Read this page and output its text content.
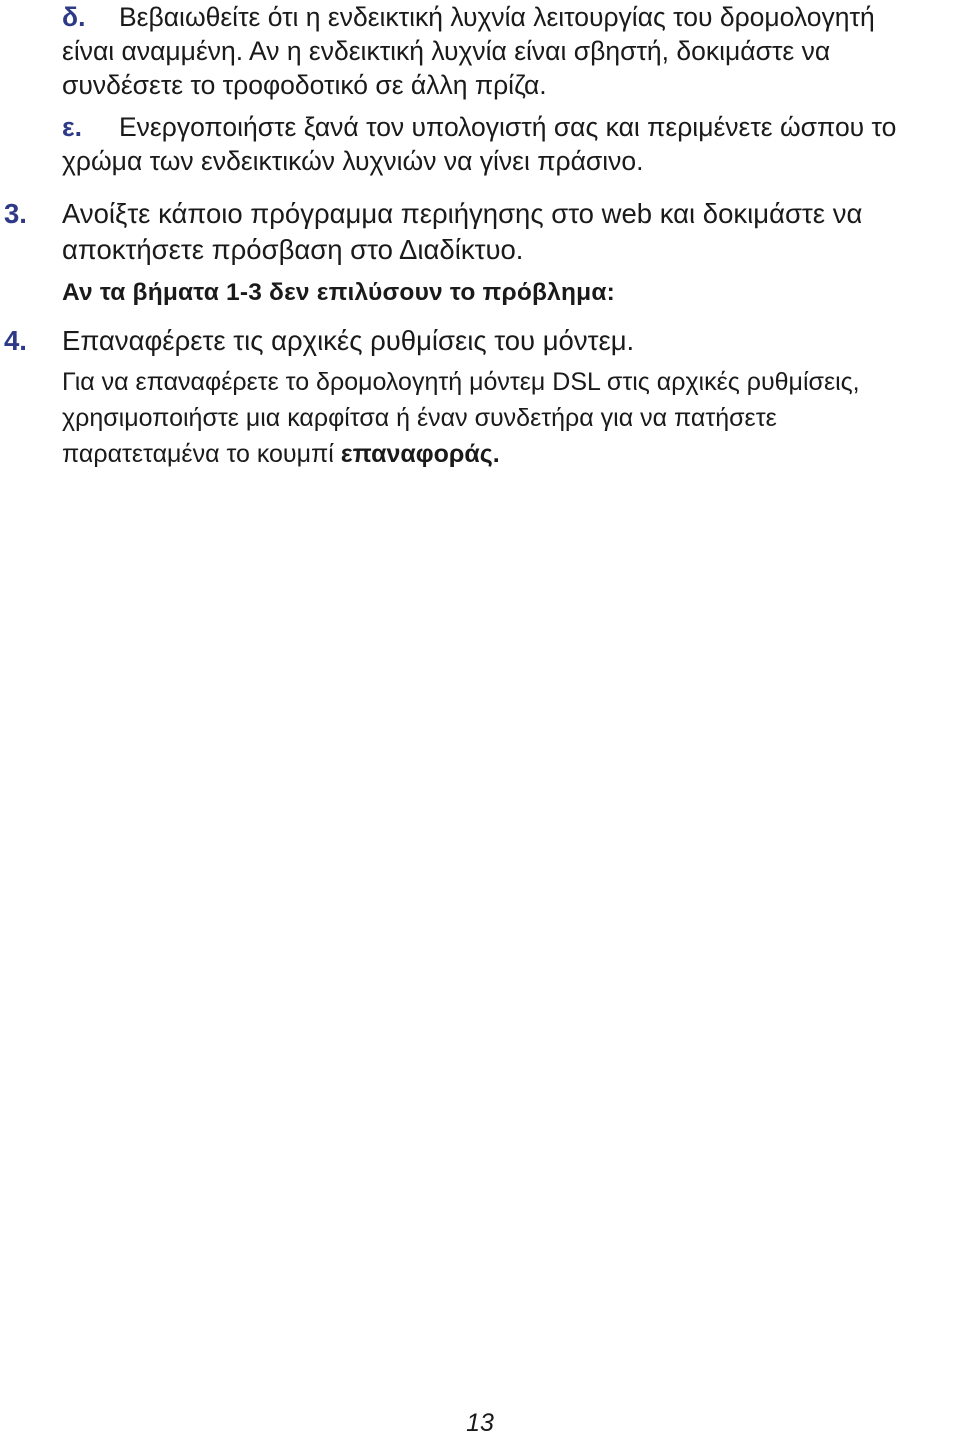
δ.	Βεβαιωθείτε ότι η ενδεικτική λυχνία λειτουργίας του δρομολογητή
είναι αναμμένη. Αν η ενδεικτική λυχνία είναι σβηστή, δοκιμάστε να
συνδέσετε το τροφοδοτικό σε άλλη πρίζα.
ε.	Ενεργοποιήστε ξανά τον υπολογιστή σας και περιμένετε ώσπου το
χρώμα των ενδεικτικών λυχνιών να γίνει πράσινο.
3.	Ανοίξτε κάποιο πρόγραμμα περιήγησης στο web και δοκιμάστε να αποκτήσετε πρόσβαση στο Διαδίκτυο.
Αν τα βήματα 1-3 δεν επιλύσουν το πρόβλημα:
4.	Επαναφέρετε τις αρχικές ρυθμίσεις του μόντεμ.
Για να επαναφέρετε το δρομολογητή μόντεμ DSL στις αρχικές ρυθμίσεις,
χρησιμοποιήστε μια καρφίτσα ή έναν συνδετήρα για να πατήσετε
παρατεταμένα το κουμπί επαναφοράς.
13
